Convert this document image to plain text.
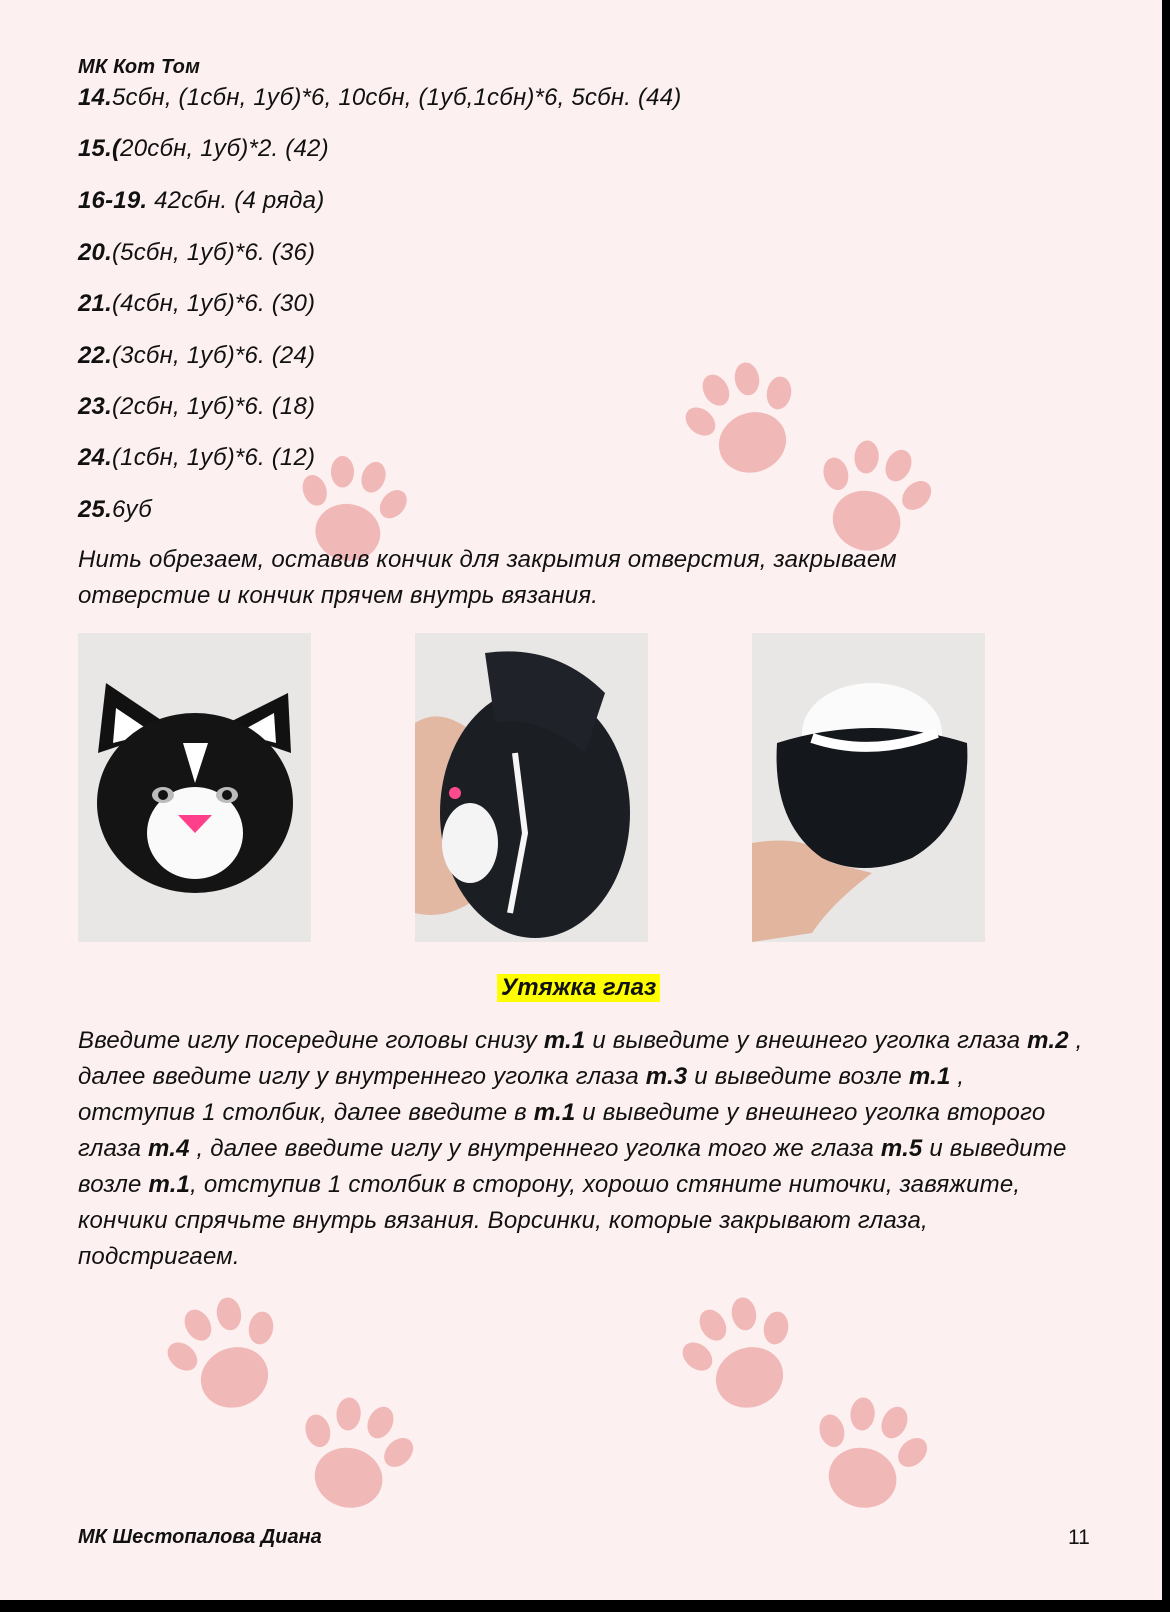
МК Кот Том
14.5сбн, (1сбн, 1уб)*6, 10сбн, (1уб,1сбн)*6, 5сбн. (44)
15.(20сбн, 1уб)*2. (42)
16-19. 42сбн. (4 ряда)
20.(5сбн, 1уб)*6. (36)
21.(4сбн, 1уб)*6. (30)
22.(3сбн, 1уб)*6. (24)
23.(2сбн, 1уб)*6. (18)
24.(1сбн, 1уб)*6. (12)
25.6уб
Нить обрезаем, оставив кончик для закрытия отверстия, закрываем
отверстие и кончик прячем внутрь вязания.
Утяжка глаз
Введите иглу посередине головы снизу т.1 и выведите у внешнего уголка глаза т.2 , далее введите иглу у внутреннего уголка глаза т.3 и выведите возле т.1 , отступив 1 столбик, далее введите в т.1 и выведите у внешнего уголка второго глаза т.4 , далее введите иглу у внутреннего уголка того же глаза т.5 и выведите возле т.1, отступив 1 столбик в сторону, хорошо стяните ниточки, завяжите, кончики спрячьте внутрь вязания. Ворсинки, которые закрывают глаза, подстригаем.
МК Шестопалова Диана	11
